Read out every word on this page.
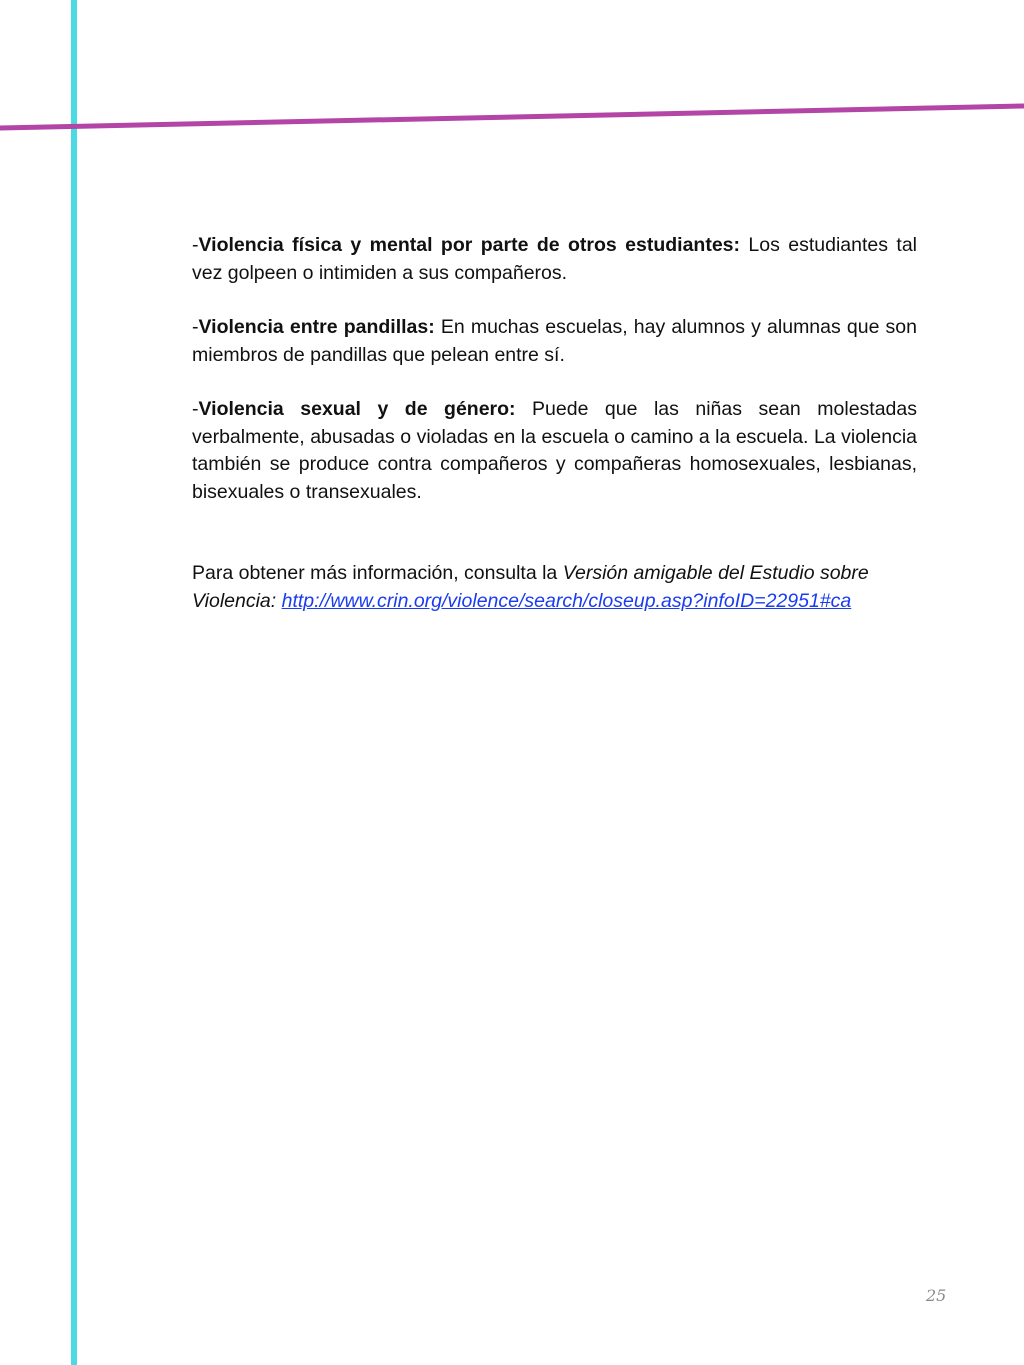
-Violencia física y mental por parte de otros estudiantes: Los estudiantes tal vez golpeen o intimiden a sus compañeros.

-Violencia entre pandillas: En muchas escuelas, hay alumnos y alumnas que son miembros de pandillas que pelean entre sí.

-Violencia sexual y de género: Puede que las niñas sean molestadas verbalmente, abusadas o violadas en la escuela o camino a la escuela. La violencia también se produce contra compañeros y compañeras homosexuales, lesbianas, bisexuales o transexuales.

Para obtener más información, consulta la Versión amigable del Estudio sobre
Violencia: http://www.crin.org/violence/search/closeup.asp?infoID=22951#ca

25
